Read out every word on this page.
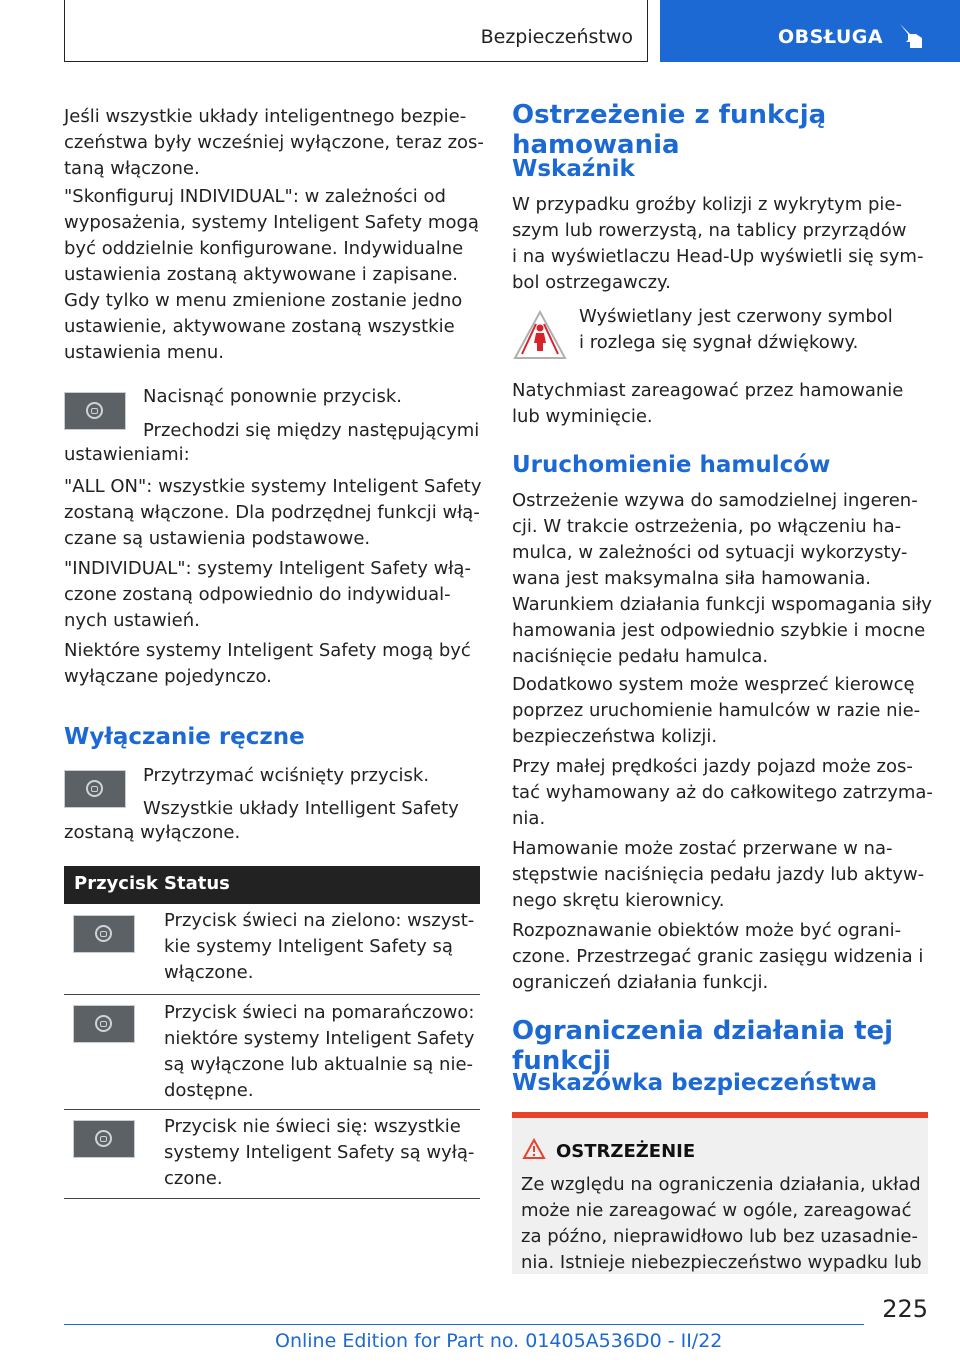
Bezpieczeństwo	OBSŁUGA
Jeśli wszystkie układy inteligentnego bezpie-
czeństwa były wcześniej wyłączone, teraz zos-
taną włączone.
"Skonfiguruj INDIVIDUAL": w zależności od
wyposażenia, systemy Inteligent Safety mogą
być oddzielnie konfigurowane. Indywidualne
ustawienia zostaną aktywowane i zapisane.
Gdy tylko w menu zmienione zostanie jedno
ustawienie, aktywowane zostaną wszystkie
ustawienia menu.
Nacisnąć ponownie przycisk.
Przechodzi się między następującymi
ustawieniami:
"ALL ON": wszystkie systemy Inteligent Safety
zostaną włączone. Dla podrzędnej funkcji włą-
czane są ustawienia podstawowe.
"INDIVIDUAL": systemy Inteligent Safety włą-
czone zostaną odpowiednio do indywidual-
nych ustawień.
Niektóre systemy Inteligent Safety mogą być
wyłączane pojedynczo.
Wyłączanie ręczne
Przytrzymać wciśnięty przycisk.
Wszystkie układy Intelligent Safety
zostaną wyłączone.
Przycisk Status
Przycisk świeci na zielono: wszyst-
kie systemy Inteligent Safety są
włączone.
Przycisk świeci na pomarańczowo:
niektóre systemy Inteligent Safety
są wyłączone lub aktualnie są nie-
dostępne.
Przycisk nie świeci się: wszystkie
systemy Inteligent Safety są wyłą-
czone.
Ostrzeżenie z funkcją hamowania
Wskaźnik
W przypadku groźby kolizji z wykrytym pie-
szym lub rowerzystą, na tablicy przyrządów
i na wyświetlaczu Head-Up wyświetli się sym-
bol ostrzegawczy.
Wyświetlany jest czerwony symbol
i rozlega się sygnał dźwiękowy.
Natychmiast zareagować przez hamowanie
lub wyminięcie.
Uruchomienie hamulców
Ostrzeżenie wzywa do samodzielnej ingeren-
cji. W trakcie ostrzeżenia, po włączeniu ha-
mulca, w zależności od sytuacji wykorzysty-
wana jest maksymalna siła hamowania.
Warunkiem działania funkcji wspomagania siły
hamowania jest odpowiednio szybkie i mocne
naciśnięcie pedału hamulca.
Dodatkowo system może wesprzeć kierowcę
poprzez uruchomienie hamulców w razie nie-
bezpieczeństwa kolizji.
Przy małej prędkości jazdy pojazd może zos-
tać wyhamowany aż do całkowitego zatrzyma-
nia.
Hamowanie może zostać przerwane w na-
stępstwie naciśnięcia pedału jazdy lub aktyw-
nego skrętu kierownicy.
Rozpoznawanie obiektów może być ograni-
czone. Przestrzegać granic zasięgu widzenia i
ograniczeń działania funkcji.
Ograniczenia działania tej funkcji
Wskazówka bezpieczeństwa
OSTRZEŻENIE
Ze względu na ograniczenia działania, układ
może nie zareagować w ogóle, zareagować
za późno, nieprawidłowo lub bez uzasadnie-
nia. Istnieje niebezpieczeństwo wypadku lub
225
Online Edition for Part no. 01405A536D0 - II/22
